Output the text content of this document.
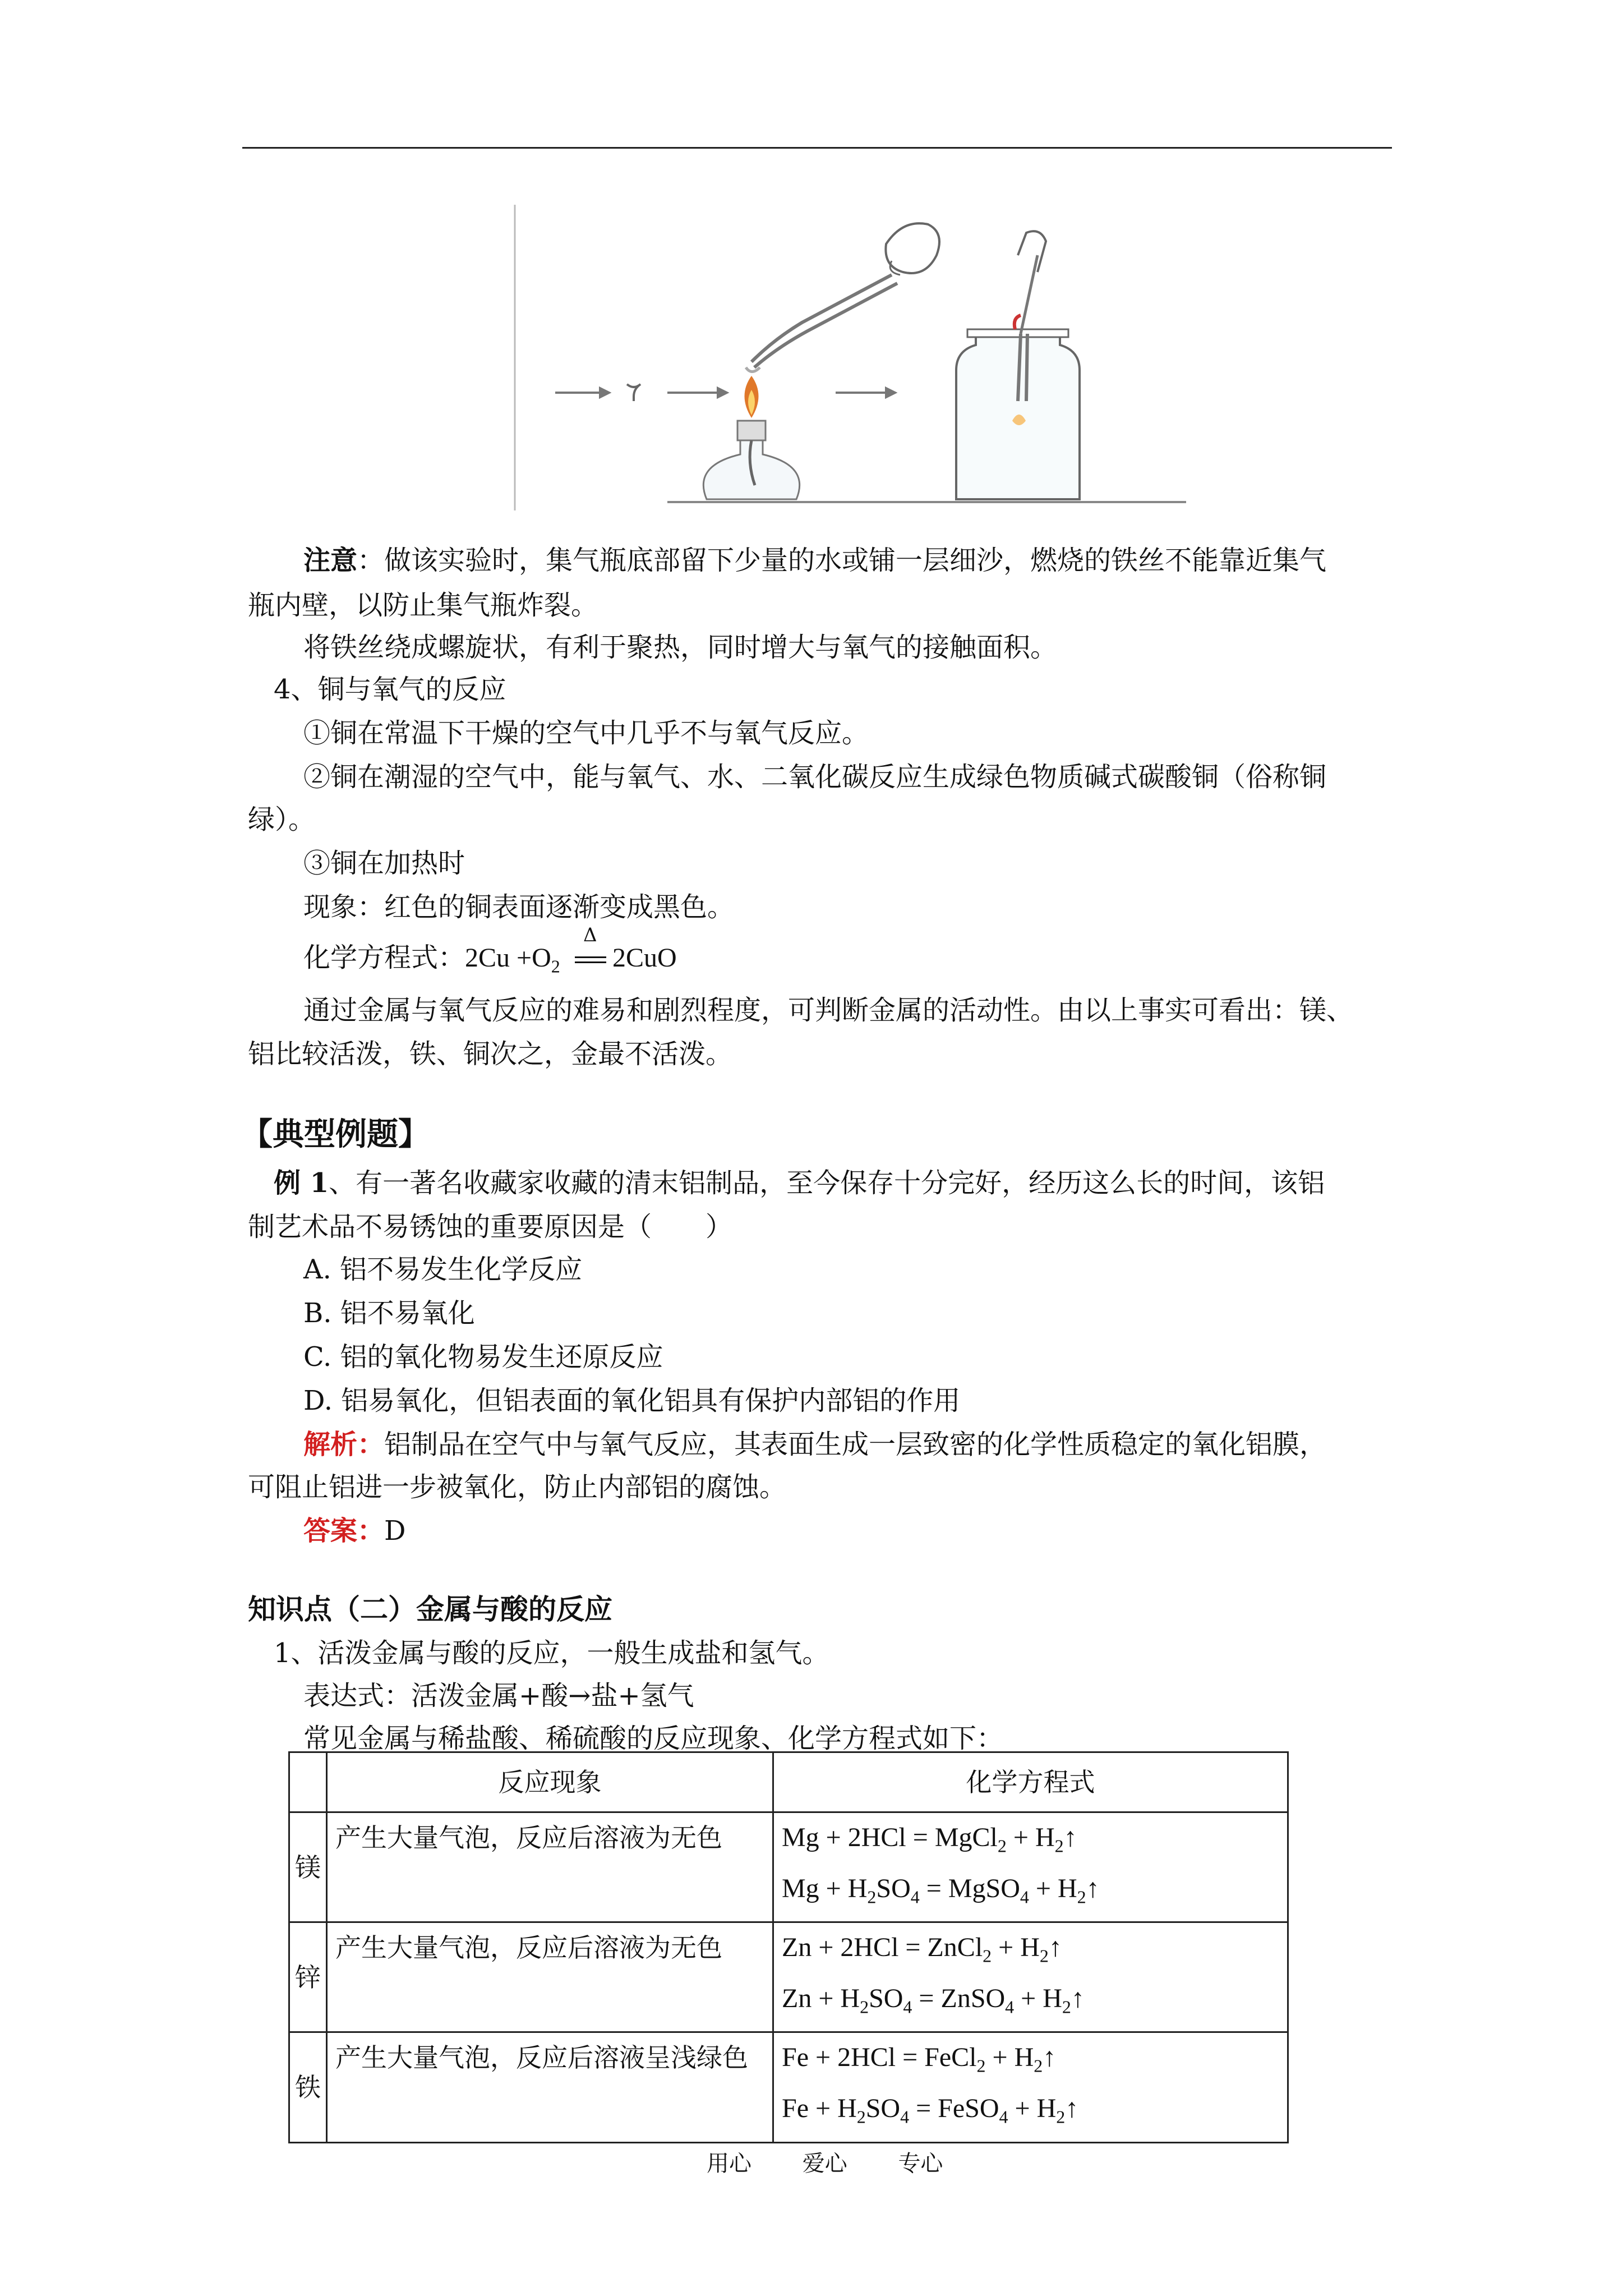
注意：做该实验时，集气瓶底部留下少量的水或铺一层细沙，燃烧的铁丝不能靠近集气
瓶内壁，以防止集气瓶炸裂。
将铁丝绕成螺旋状，有利于聚热，同时增大与氧气的接触面积。
4、铜与氧气的反应
①铜在常温下干燥的空气中几乎不与氧气反应。
②铜在潮湿的空气中，能与氧气、水、二氧化碳反应生成绿色物质碱式碳酸铜（俗称铜
绿）。
③铜在加热时
现象：红色的铜表面逐渐变成黑色。
化学方程式：$2Cu +O_2$
Δ
2CuO
通过金属与氧气反应的难易和剧烈程度，可判断金属的活动性。由以上事实可看出：镁、
铝比较活泼，铁、铜次之，金最不活泼。
【典型例题】
例 1、有一著名收藏家收藏的清末铝制品，至今保存十分完好，经历这么长的时间，该铝
制艺术品不易锈蚀的重要原因是（　　）
A. 铝不易发生化学反应
B. 铝不易氧化
C. 铝的氧化物易发生还原反应
D. 铝易氧化，但铝表面的氧化铝具有保护内部铝的作用
解析：铝制品在空气中与氧气反应，其表面生成一层致密的化学性质稳定的氧化铝膜，
可阻止铝进一步被氧化，防止内部铝的腐蚀。
答案：D
知识点（二）金属与酸的反应
1、活泼金属与酸的反应，一般生成盐和氢气。
表达式：活泼金属+酸→盐+氢气
常见金属与稀盐酸、稀硫酸的反应现象、化学方程式如下：
	反应现象	化学方程式
镁	产生大量气泡，反应后溶液为无色	Mg + 2HCl = MgCl$_2$ + $H_2↑$
$Mg + H_2SO_4$ = MgSO$_4$ + $H_2↑$

锌	产生大量气泡，反应后溶液为无色	Zn + 2HCl = ZnCl$_2$ + $H_2↑$
$Zn + H_2SO_4$ = ZnSO$_4$ + $H_2↑$

铁	产生大量气泡，反应后溶液呈浅绿色	Fe + 2HCl = FeCl$_2$ + $H_2↑$
$Fe + H_2SO_4$ = FeSO$_4$ + $H_2↑$
用心 爱心 专心
